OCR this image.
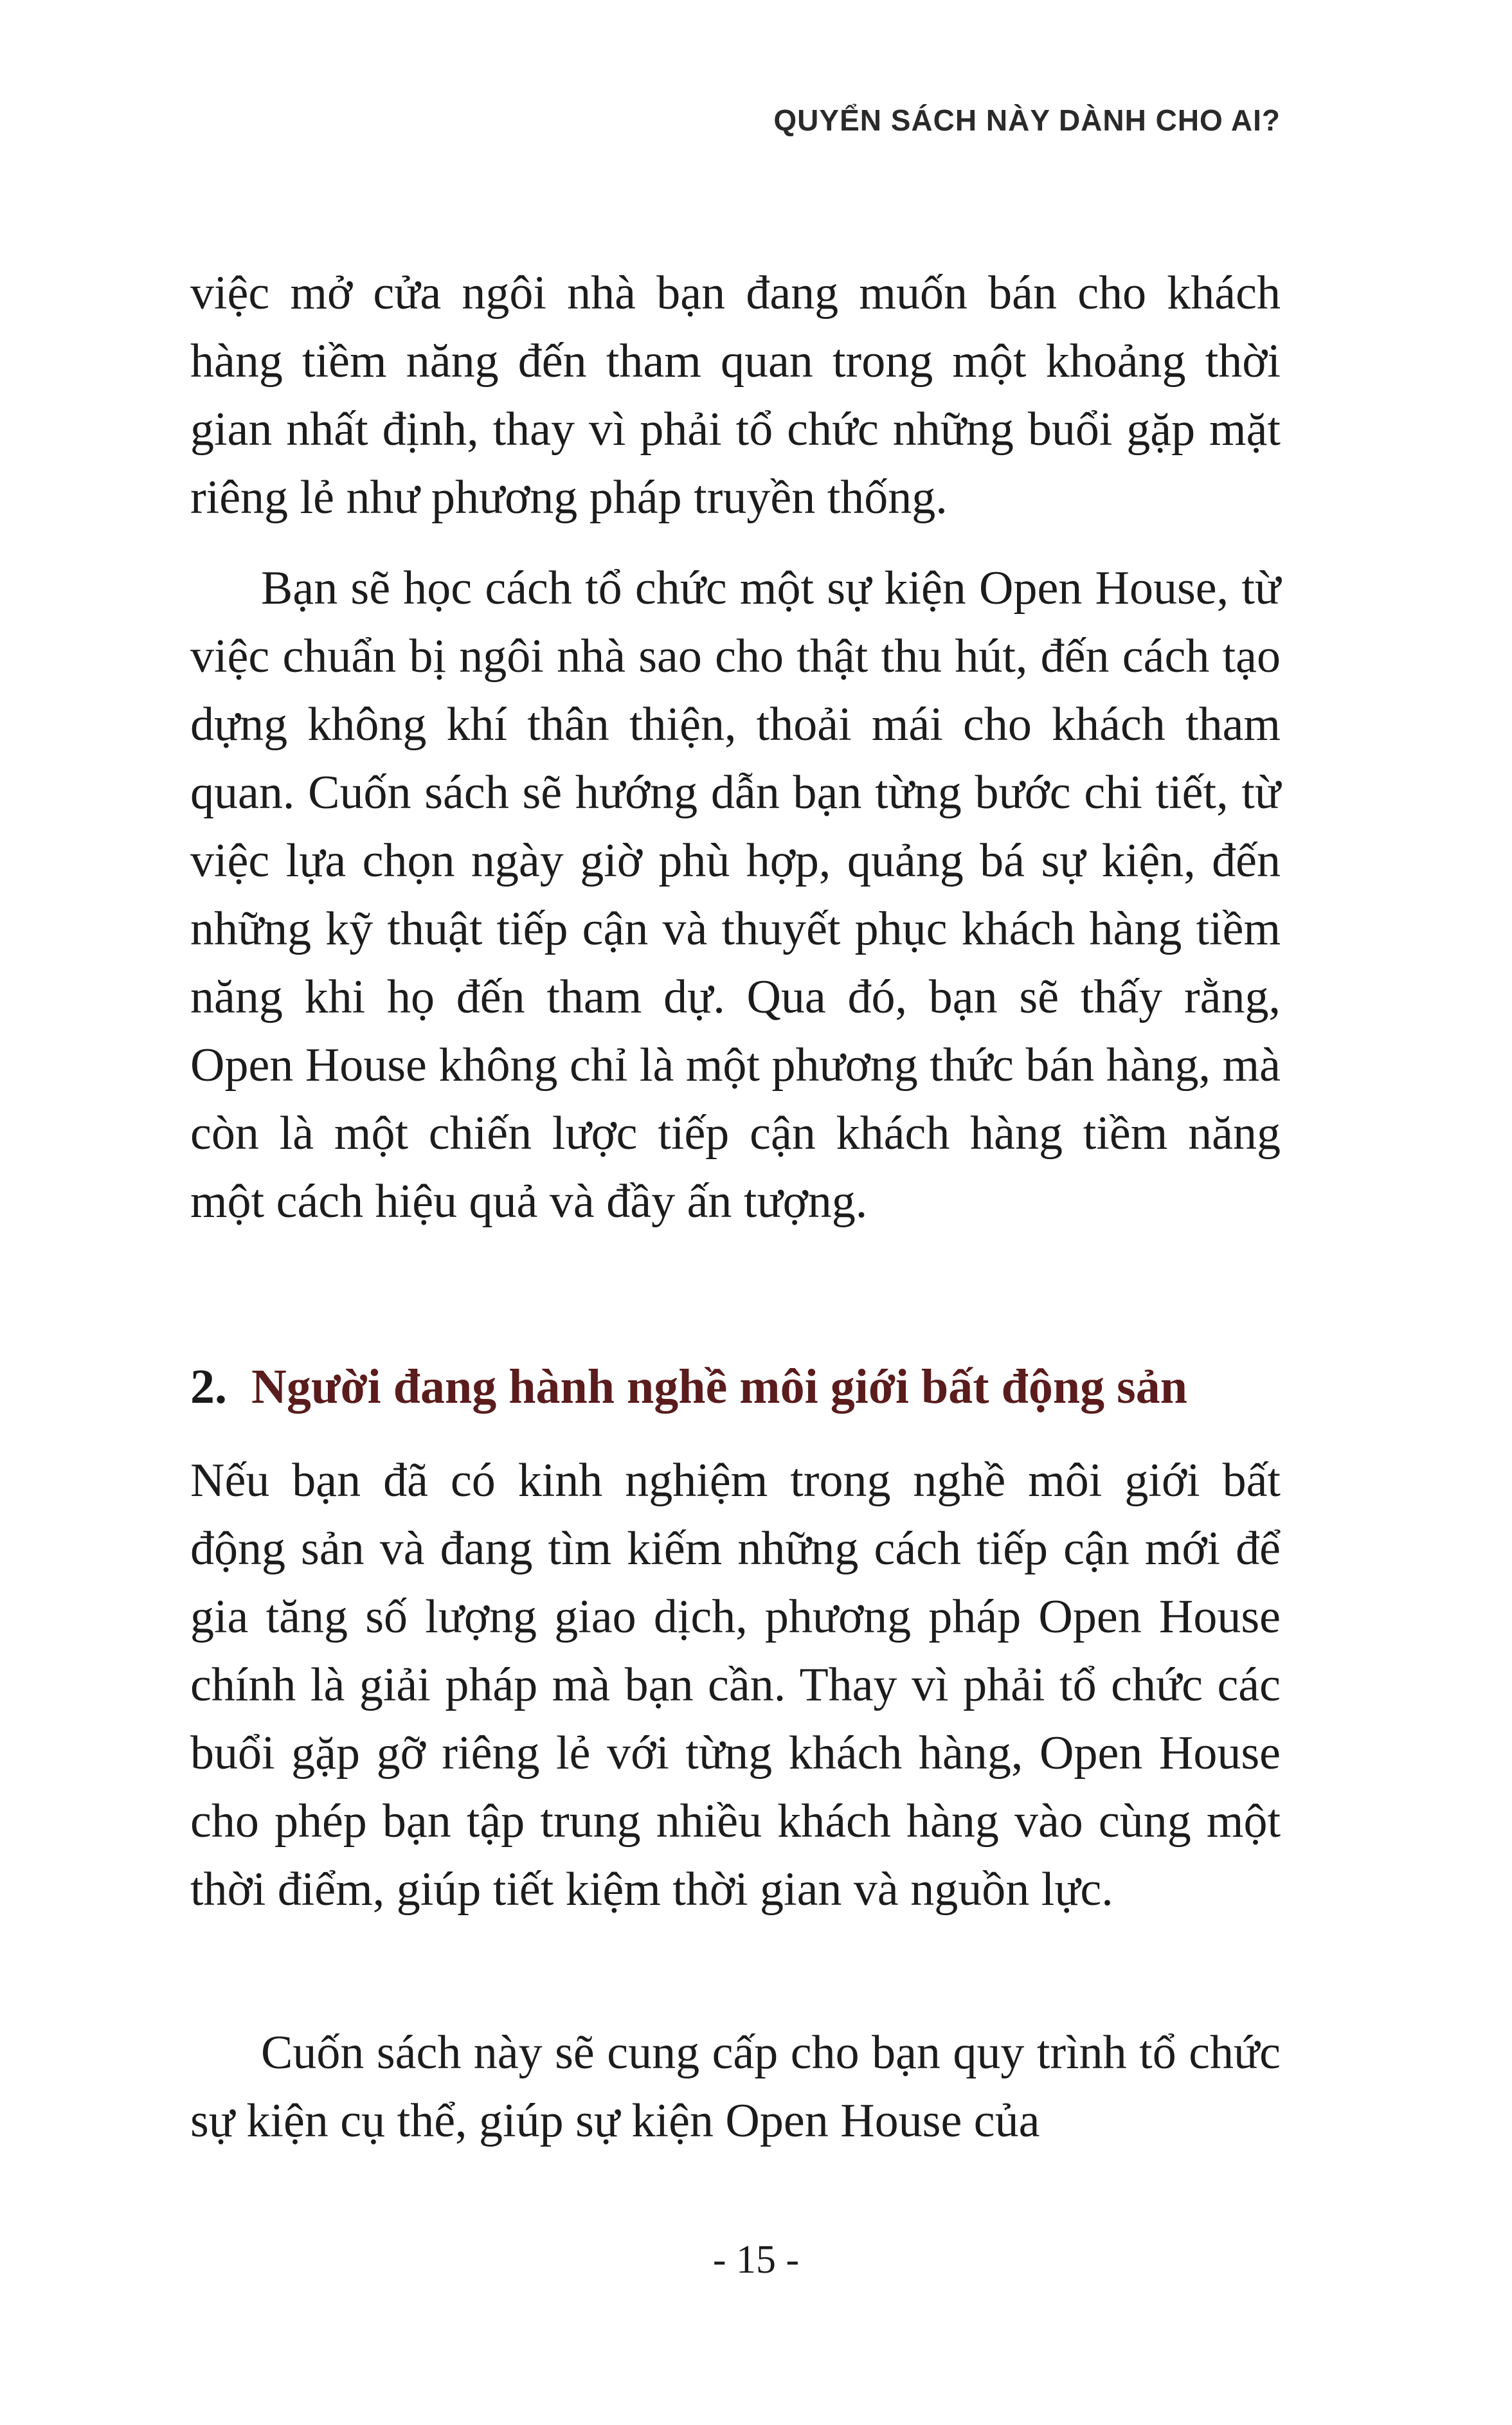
QUYỂN SÁCH NÀY DÀNH CHO AI?

việc mở cửa ngôi nhà bạn đang muốn bán cho khách hàng tiềm năng đến tham quan trong một khoảng thời gian nhất định, thay vì phải tổ chức những buổi gặp mặt riêng lẻ như phương pháp truyền thống.

Bạn sẽ học cách tổ chức một sự kiện Open House, từ việc chuẩn bị ngôi nhà sao cho thật thu hút, đến cách tạo dựng không khí thân thiện, thoải mái cho khách tham quan. Cuốn sách sẽ hướng dẫn bạn từng bước chi tiết, từ việc lựa chọn ngày giờ phù hợp, quảng bá sự kiện, đến những kỹ thuật tiếp cận và thuyết phục khách hàng tiềm năng khi họ đến tham dự. Qua đó, bạn sẽ thấy rằng, Open House không chỉ là một phương thức bán hàng, mà còn là một chiến lược tiếp cận khách hàng tiềm năng một cách hiệu quả và đầy ấn tượng.

2. Người đang hành nghề môi giới bất động sản

Nếu bạn đã có kinh nghiệm trong nghề môi giới bất động sản và đang tìm kiếm những cách tiếp cận mới để gia tăng số lượng giao dịch, phương pháp Open House chính là giải pháp mà bạn cần. Thay vì phải tổ chức các buổi gặp gỡ riêng lẻ với từng khách hàng, Open House cho phép bạn tập trung nhiều khách hàng vào cùng một thời điểm, giúp tiết kiệm thời gian và nguồn lực.

Cuốn sách này sẽ cung cấp cho bạn quy trình tổ chức sự kiện cụ thể, giúp sự kiện Open House của

- 15 -
